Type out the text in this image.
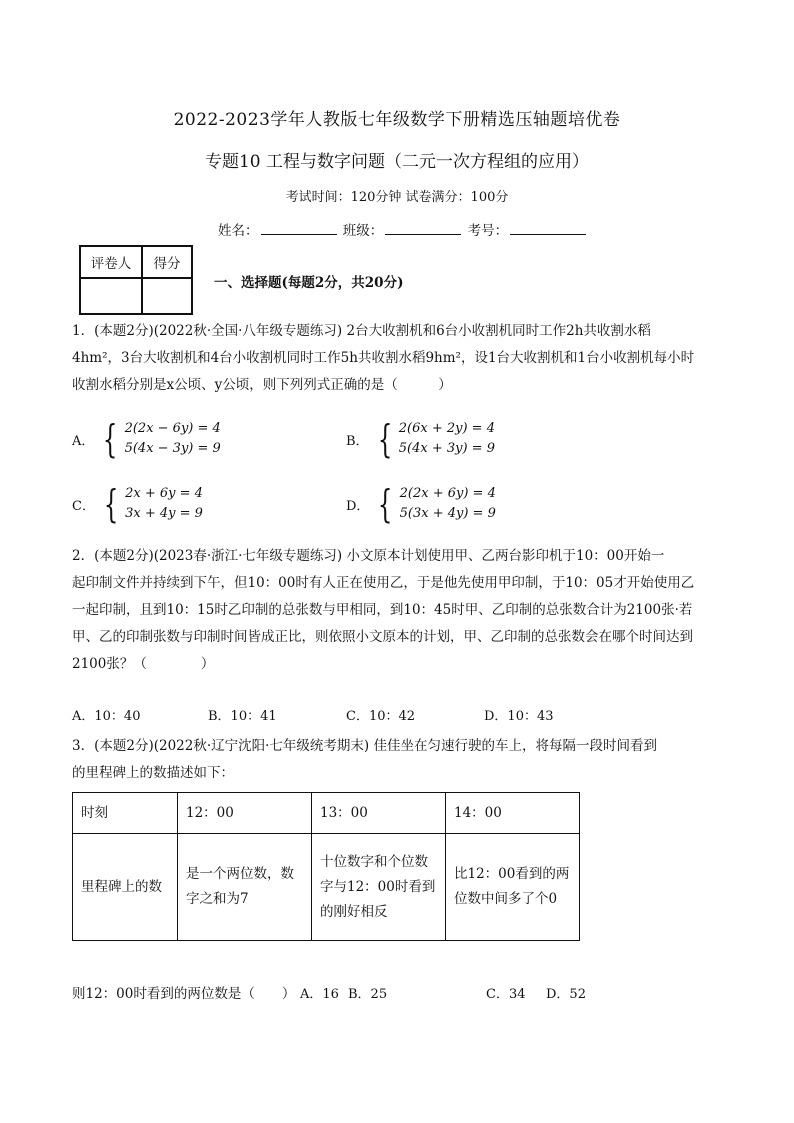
2022-2023学年人教版七年级数学下册精选压轴题培优卷
专题10 工程与数字问题（二元一次方程组的应用）
考试时间：120分钟 试卷满分：100分
姓名：	班级：	考号：
评卷人	得分

一、选择题(每题2分，共20分)
1．(本题2分)(2022秋·全国·八年级专题练习) 2台大收割机和6台小收割机同时工作2h共收割水稻
4hm²，3台大收割机和4台小收割机同时工作5h共收割水稻9hm²，设1台大收割机和1台小收割机每小时
收割水稻分别是x公顷、y公顷，则下列列式正确的是（　　　）
A． { 2(2x − 6y) = 4
5(4x − 3y) = 9	B． { 2(6x + 2y) = 4
5(4x + 3y) = 9
C． { 2x + 6y = 4
3x + 4y = 9	D． { 2(2x + 6y) = 4
5(3x + 4y) = 9
2．(本题2分)(2023春·浙江·七年级专题练习) 小文原本计划使用甲、乙两台影印机于10：00开始一
起印制文件并持续到下午，但10：00时有人正在使用乙，于是他先使用甲印制，于10：05才开始使用乙
一起印制，且到10：15时乙印制的总张数与甲相同，到10：45时甲、乙印制的总张数合计为2100张·若
甲、乙的印制张数与印制时间皆成正比，则依照小文原本的计划，甲、乙印制的总张数会在哪个时间达到
2100张？（　　　　）
A．10：40	B．10：41	C．10：42	D．10：43
3．(本题2分)(2022秋·辽宁沈阳·七年级统考期末) 佳佳坐在匀速行驶的车上，将每隔一段时间看到
的里程碑上的数描述如下：
时刻	12：00	13：00	14：00
里程碑上的数	是一个两位数，数字之和为7	十位数字和个位数字与12：00时看到的刚好相反	比12：00看到的两位数中间多了个0
则12：00时看到的两位数是（　　） A．16 B．25	C．34 D．52
